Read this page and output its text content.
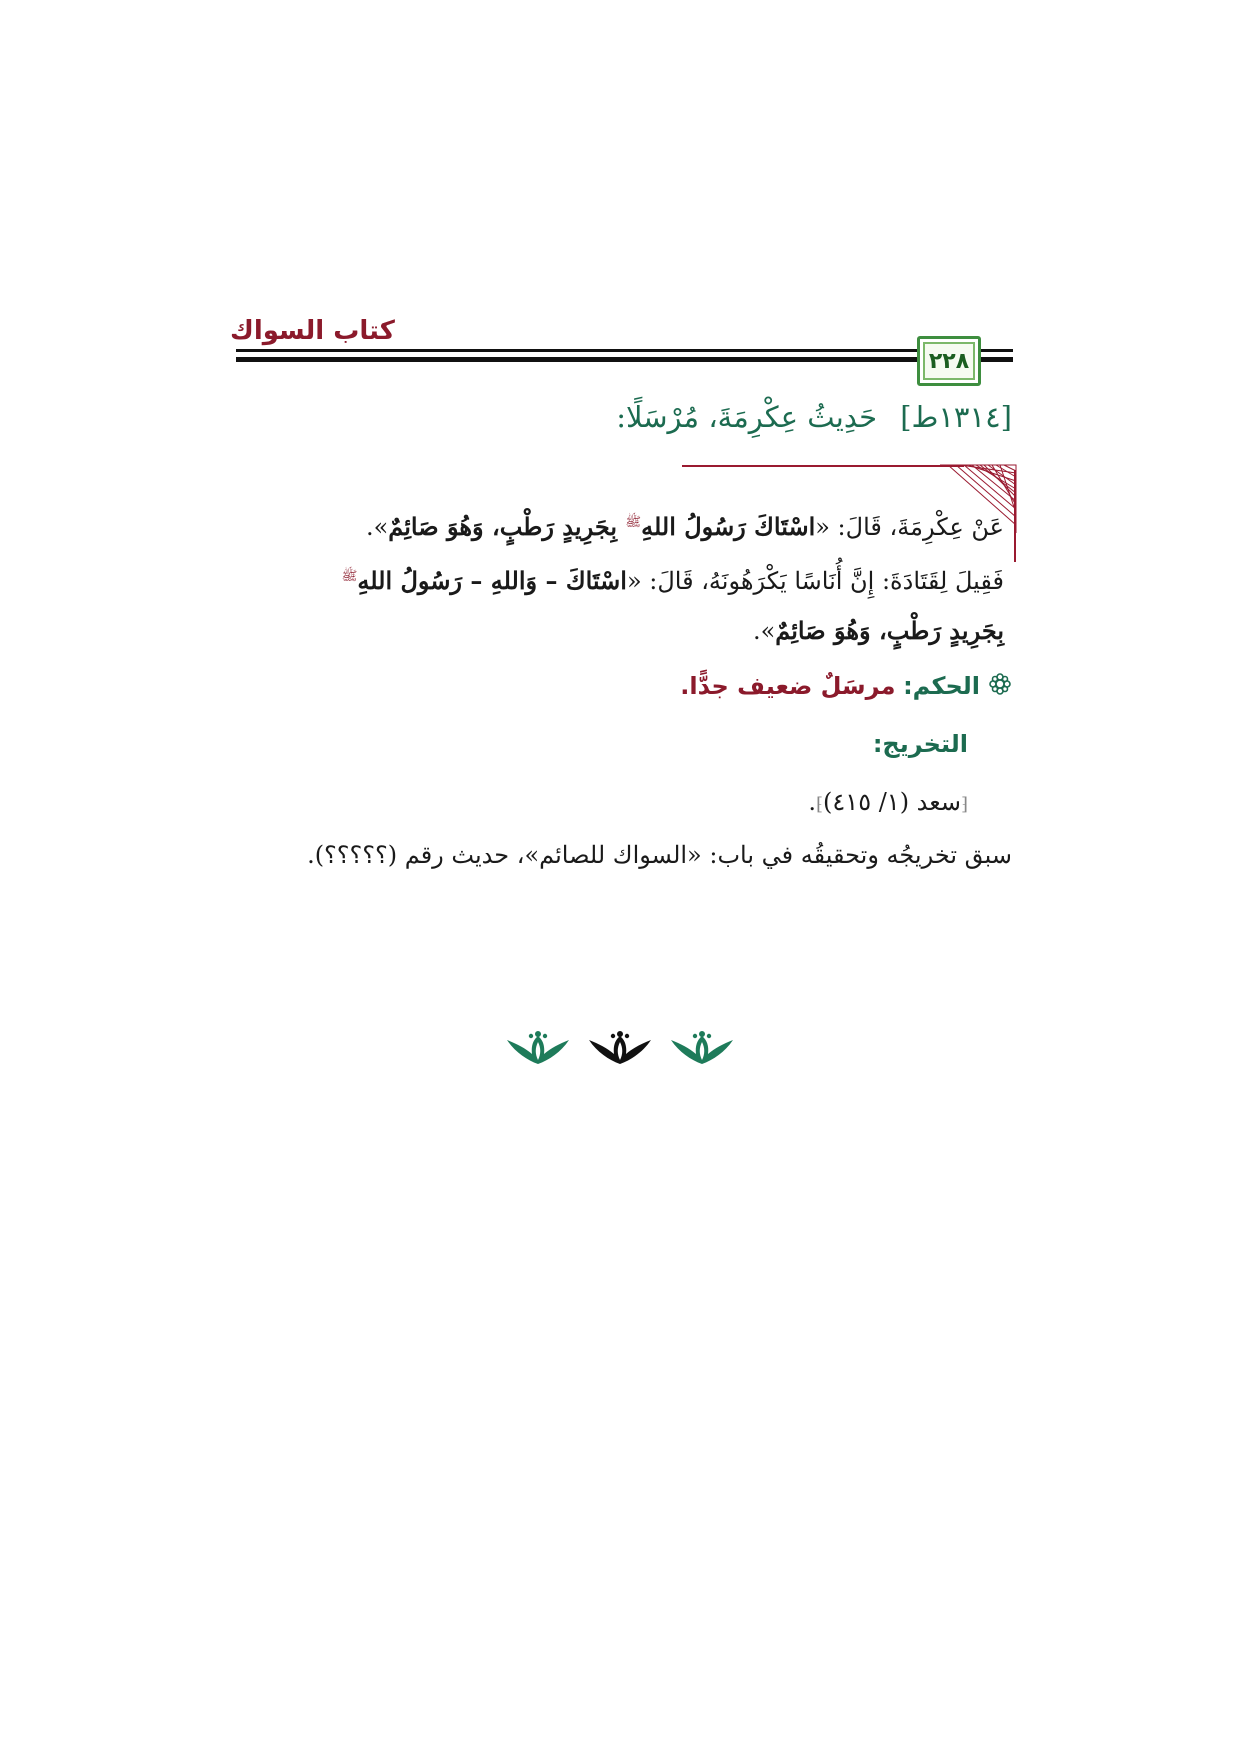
كتاب السواك
٢٢٨
[١٣١٤ط] حَدِيثُ عِكْرِمَةَ، مُرْسَلًا:

عَنْ عِكْرِمَةَ، قَالَ: «اسْتَاكَ رَسُولُ اللهِ$^ﷺ$ بِجَرِيدٍ رَطْبٍ، وَهُوَ صَائِمٌ».

فَقِيلَ لِقَتَادَةَ: إِنَّ أُنَاسًا يَكْرَهُونَهُ، قَالَ: «اسْتَاكَ – وَاللهِ – رَسُولُ اللهِ$^ﷺ$

بِجَرِيدٍ رَطْبٍ، وَهُوَ صَائِمٌ».

الحكم: مرسَلٌ ضعيف جدًّا.
التخريج:
⁅سعد (١/ ٤١٥)⁆.
سبق تخريجُه وتحقيقُه في باب: «السواك للصائم»، حديث رقم (؟؟؟؟؟).
